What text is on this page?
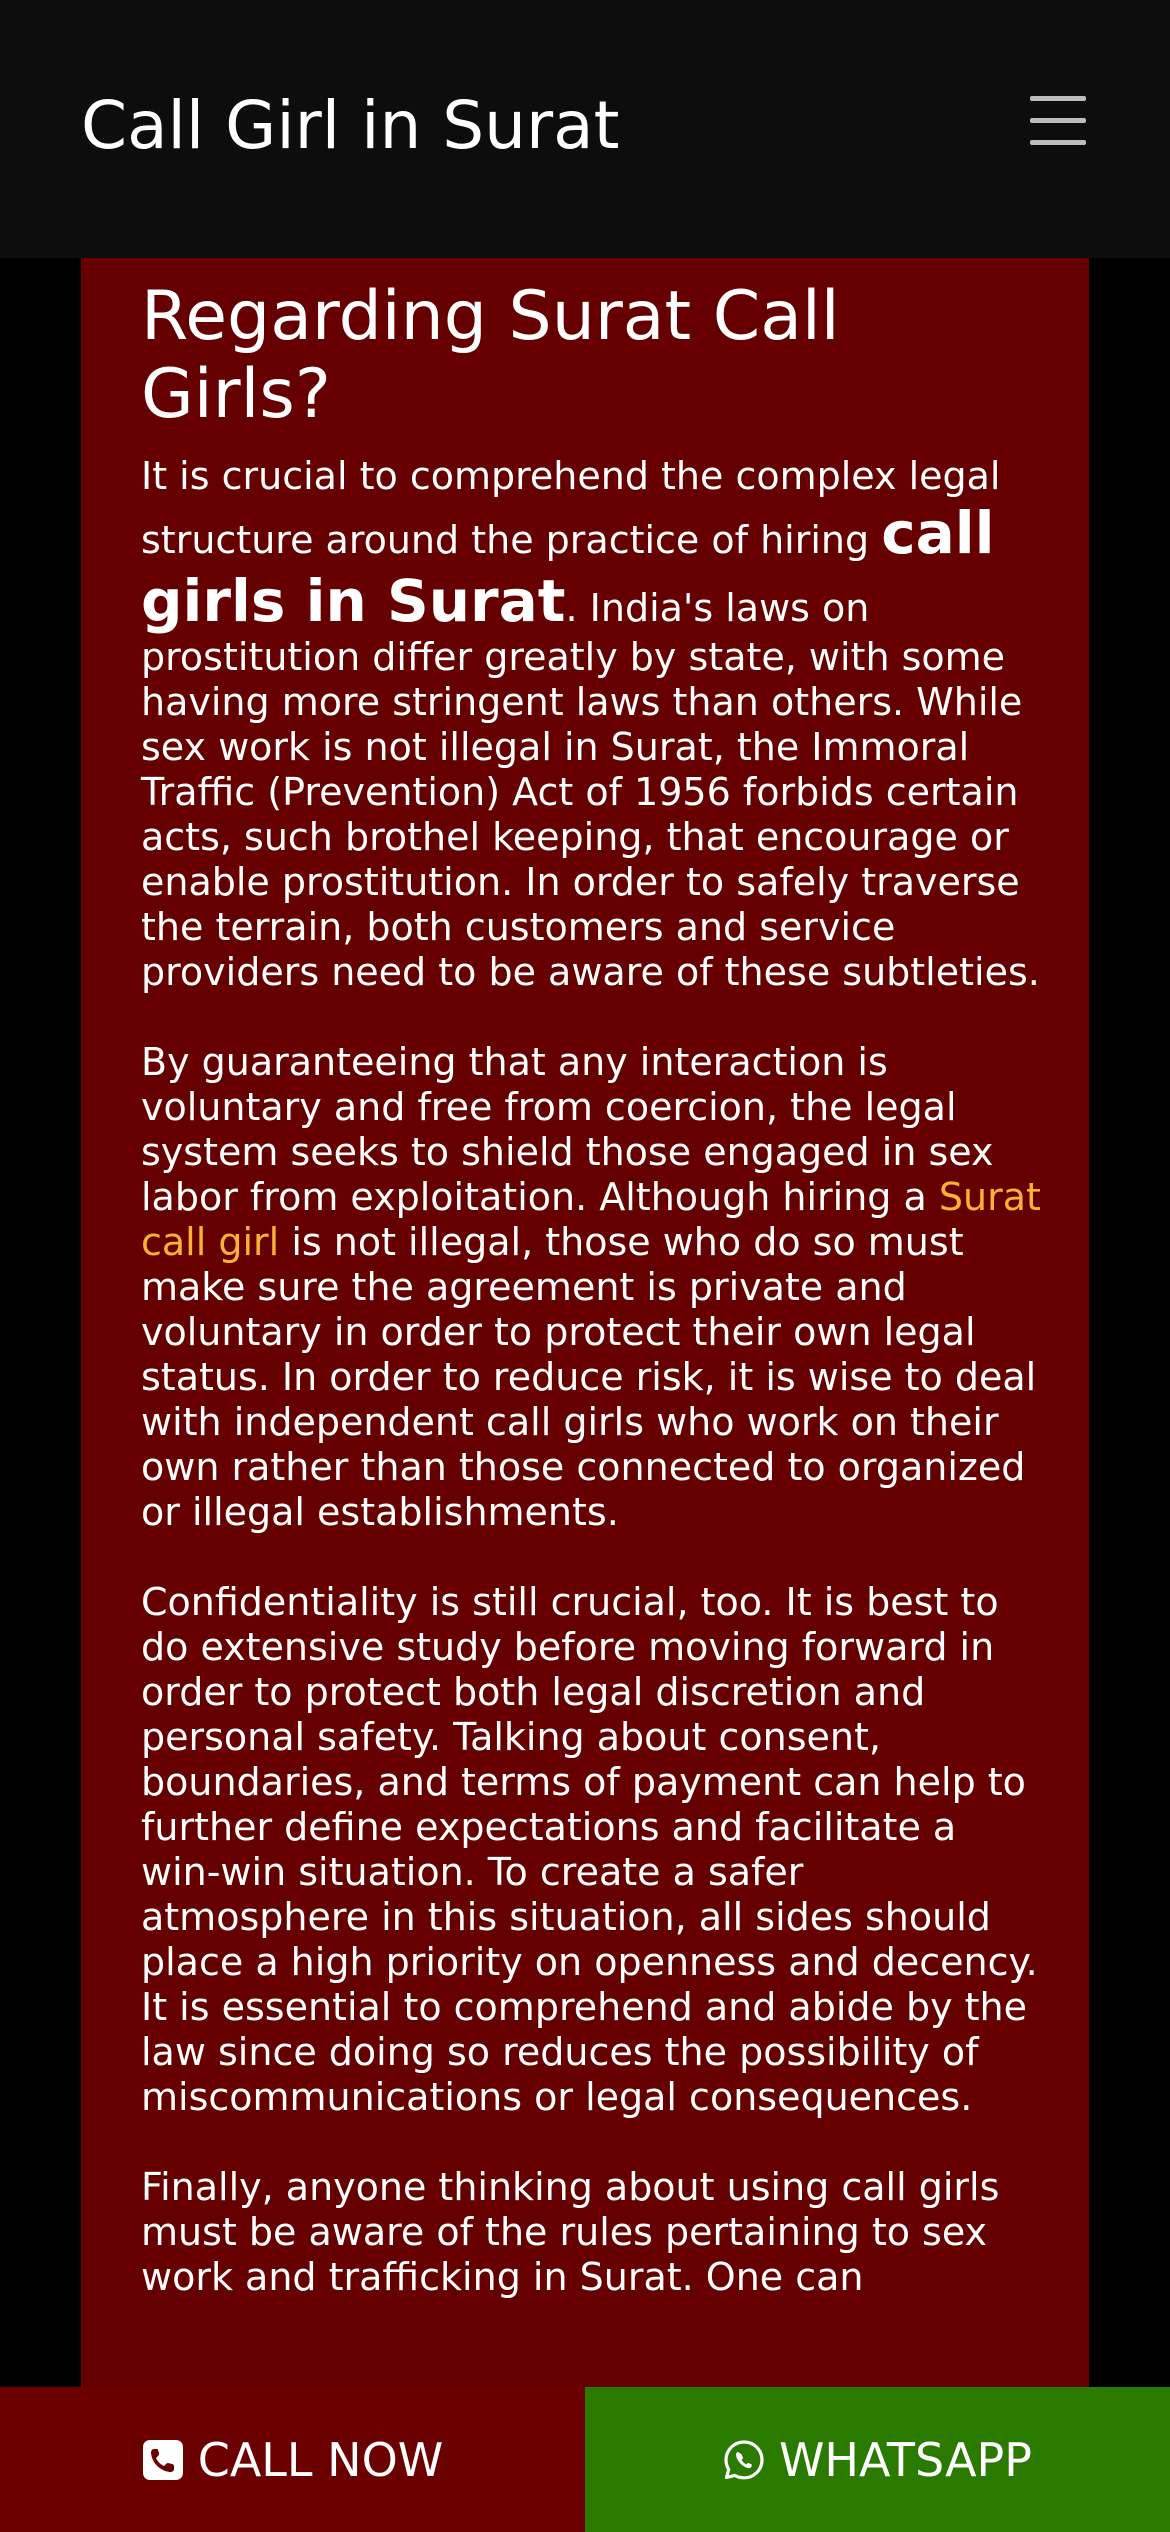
Regarding Surat Call
Girls?

It is crucial to comprehend the complex legal structure around the practice of hiring call girls in Surat. India's laws on prostitution differ greatly by state, with some having more stringent laws than others. While sex work is not illegal in Surat, the Immoral Traffic (Prevention) Act of 1956 forbids certain acts, such brothel keeping, that encourage or enable prostitution. In order to safely traverse the terrain, both customers and service providers need to be aware of these subtleties.

By guaranteeing that any interaction is voluntary and free from coercion, the legal system seeks to shield those engaged in sex labor from exploitation. Although hiring a Surat call girl is not illegal, those who do so must make sure the agreement is private and voluntary in order to protect their own legal status. In order to reduce risk, it is wise to deal with independent call girls who work on their own rather than those connected to organized or illegal establishments.

Confidentiality is still crucial, too. It is best to do extensive study before moving forward in order to protect both legal discretion and personal safety. Talking about consent, boundaries, and terms of payment can help to further define expectations and facilitate a win-win situation. To create a safer atmosphere in this situation, all sides should place a high priority on openness and decency. It is essential to comprehend and abide by the law since doing so reduces the possibility of miscommunications or legal consequences.

Finally, anyone thinking about using call girls must be aware of the rules pertaining to sex work and trafficking in Surat. One can

Call Girl in Surat
CALL NOW	WHATSAPP
